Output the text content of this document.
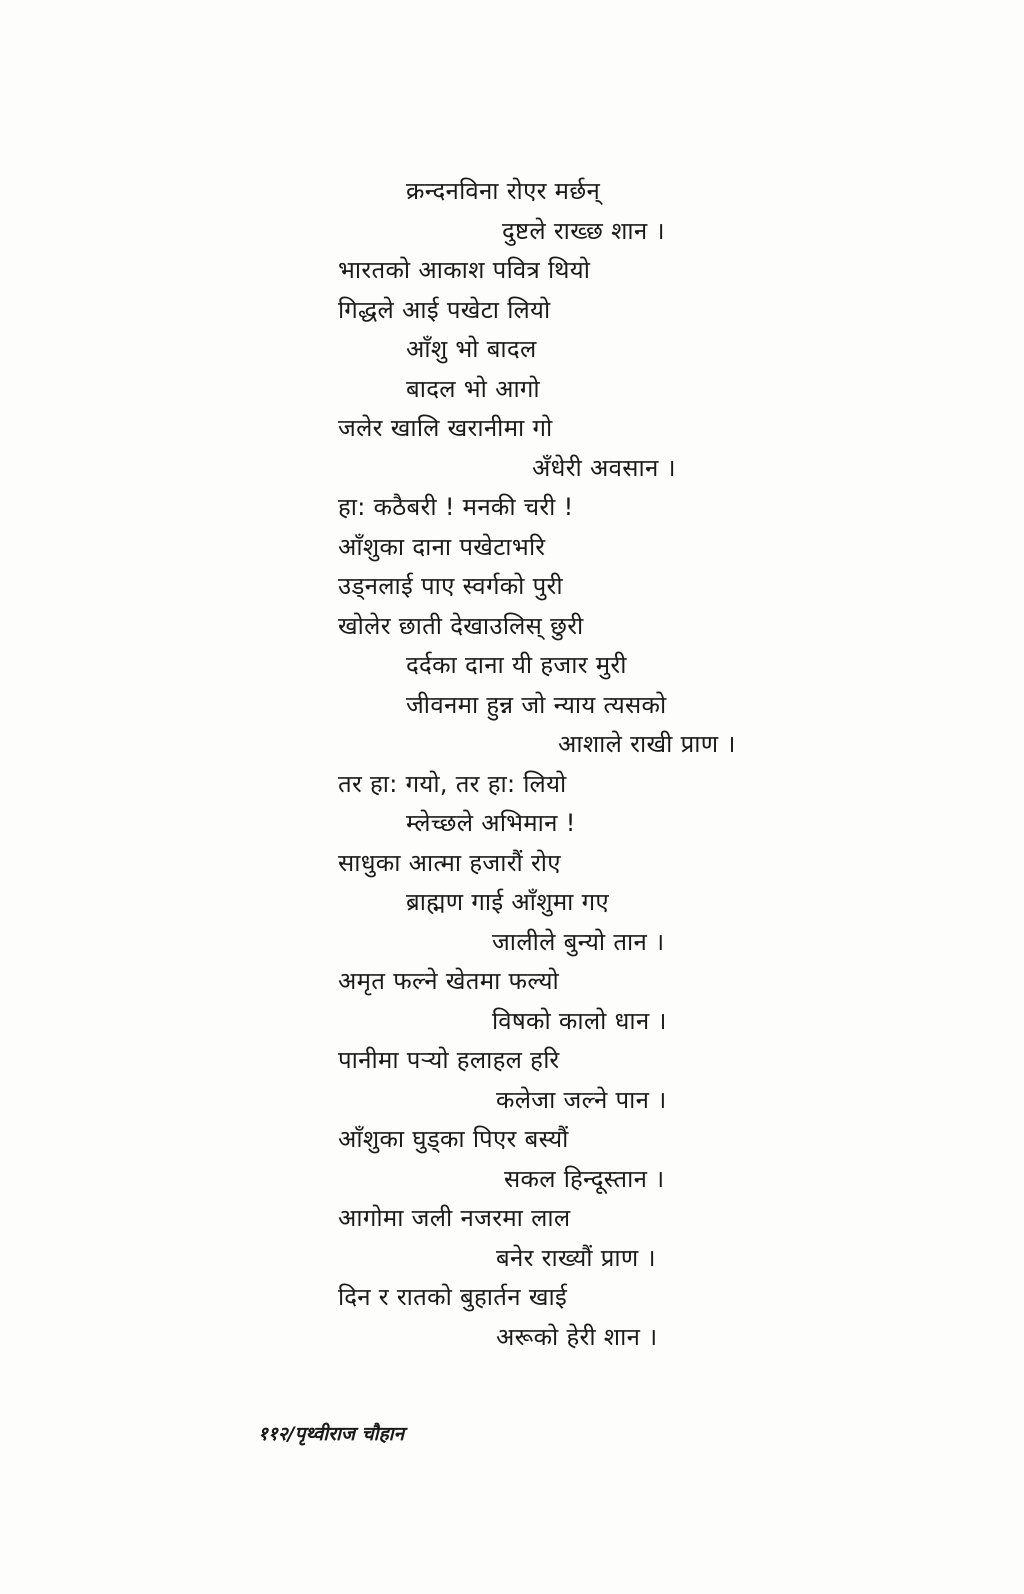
क्रन्दनविना रोएर मर्छन्
दुष्टले राख्छ शान ।
भारतको आकाश पवित्र थियो
गिद्धले आई पखेटा लियो
आँशु भो बादल
बादल भो आगो
जलेर खालि खरानीमा गो
अँधेरी अवसान ।
हा: कठैबरी ! मनकी चरी !
आँशुका दाना पखेटाभरि
उड्नलाई पाए स्वर्गको पुरी
खोलेर छाती देखाउलिस् छुरी
दर्दका दाना यी हजार मुरी
जीवनमा हुन्न जो न्याय त्यसको
आशाले राखी प्राण ।
तर हा: गयो, तर हा: लियो
म्लेच्छले अभिमान !
साधुका आत्मा हजारौं रोए
ब्राह्मण गाई आँशुमा गए
जालीले बुन्यो तान ।
अमृत फल्ने खेतमा फल्यो
विषको कालो धान ।
पानीमा पऱ्यो हलाहल हरि
कलेजा जल्ने पान ।
आँशुका घुड्का पिएर बस्यौं
सकल हिन्दूस्तान ।
आगोमा जली नजरमा लाल
बनेर राख्यौं प्राण ।
दिन र रातको बुहार्तन खाई
अरूको हेरी शान ।
११२/पृथ्वीराज चौहान
